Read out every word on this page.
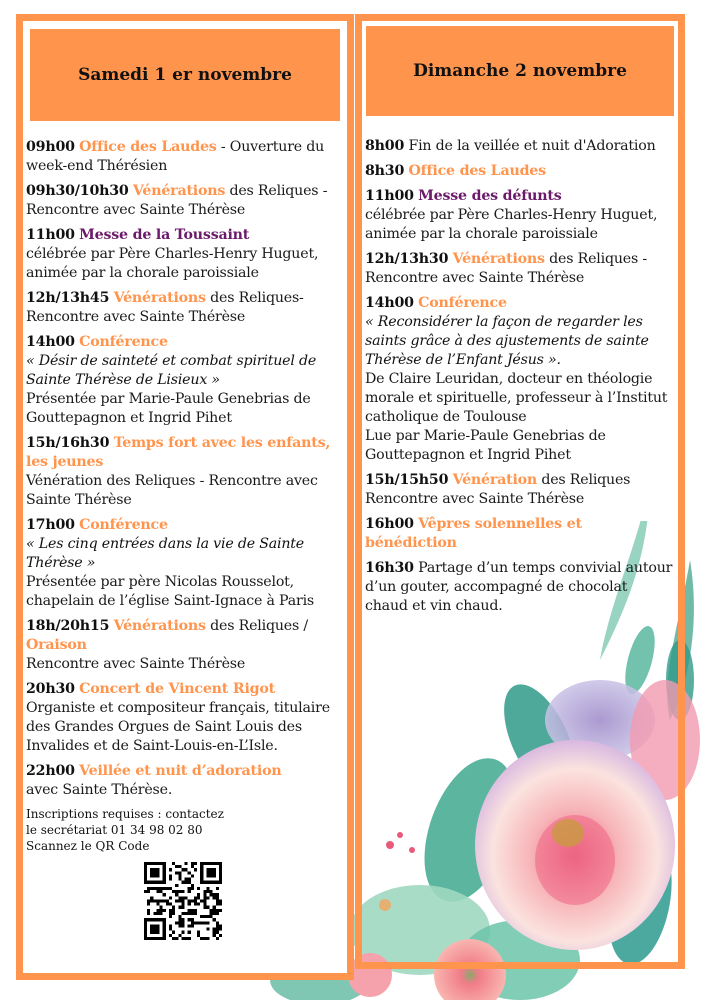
Samedi 1 er novembre
09h00 Office des Laudes - Ouverture du week-end Thérésien
09h30/10h30 Vénérations des Reliques - Rencontre avec Sainte Thérèse
11h00 Messe de la Toussaint
célébrée par Père Charles-Henry Huguet, animée par la chorale paroissiale
12h/13h45 Vénérations des Reliques- Rencontre avec Sainte Thérèse
14h00 Conférence
« Désir de sainteté et combat spirituel de Sainte Thérèse de Lisieux »
Présentée par Marie-Paule Genebrias de Gouttepagnon et Ingrid Pihet
15h/16h30 Temps fort avec les enfants, les jeunes
Vénération des Reliques - Rencontre avec Sainte Thérèse
17h00 Conférence
« Les cinq entrées dans la vie de Sainte Thérèse »
Présentée par père Nicolas Rousselot, chapelain de l’église Saint-Ignace à Paris
18h/20h15 Vénérations des Reliques / Oraison
Rencontre avec Sainte Thérèse
20h30 Concert de Vincent Rigot
Organiste et compositeur français, titulaire des Grandes Orgues de Saint Louis des Invalides et de Saint-Louis-en-L’Isle.
22h00 Veillée et nuit d’adoration
avec Sainte Thérèse.
Inscriptions requises : contactez
le secrétariat 01 34 98 02 80
Scannez le QR Code
Dimanche 2 novembre
8h00 Fin de la veillée et nuit d'Adoration
8h30 Office des Laudes
11h00 Messe des défunts
célébrée par Père Charles-Henry Huguet, animée par la chorale paroissiale
12h/13h30 Vénérations des Reliques - Rencontre avec Sainte Thérèse
14h00 Conférence
« Reconsidérer la façon de regarder les saints grâce à des ajustements de sainte Thérèse de l’Enfant Jésus ».
De Claire Leuridan, docteur en théologie morale et spirituelle, professeur à l’Institut catholique de Toulouse
Lue par Marie-Paule Genebrias de Gouttepagnon et Ingrid Pihet
15h/15h50 Vénération des Reliques
Rencontre avec Sainte Thérèse
16h00 Vêpres solennelles et bénédiction
16h30 Partage d’un temps convivial autour d’un gouter, accompagné de chocolat chaud et vin chaud.
